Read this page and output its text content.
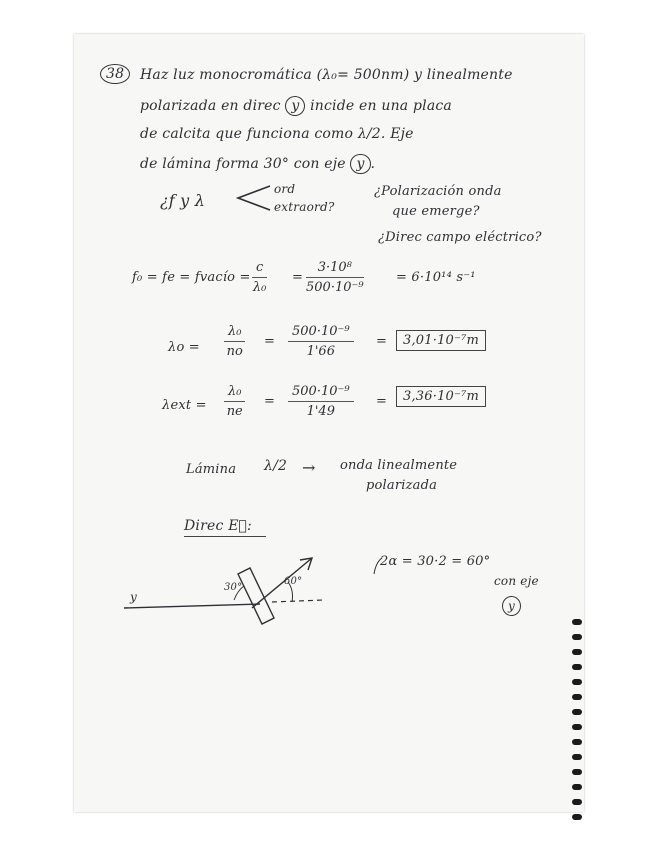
38	Haz luz monocromática (λ₀= 500nm) y linealmente
polarizada en direc y incide en una placa
de calcita que funciona como λ/2. Eje
de lámina forma 30° con eje y .
¿f y λ
ord
extraord?
¿Polarización onda
que emerge?
¿Direc campo eléctrico?
f₀ = fe = fvacío = $\frac{c}{\text{λ₀}} = \frac{\text{3·10⁸}}{\text{500·10⁻⁹}} = 6\cdot 10^{14}$ s⁻¹
$\lambda o = \frac{\text{λ₀}}{no} = \frac{\text{500·10⁻⁹}}{1'66}$ =	3,01·10⁻⁷m
$\lambda ext = \frac{\text{λ₀}}{ne} = \frac{\text{500·10⁻⁹}}{1'49}$ =	3,36·10⁻⁷m
Lámina λ/2 → onda linealmente
polarizada
Direc E⃗:
y
30°
60°
2α = 30·2 = 60°
con eje
y
